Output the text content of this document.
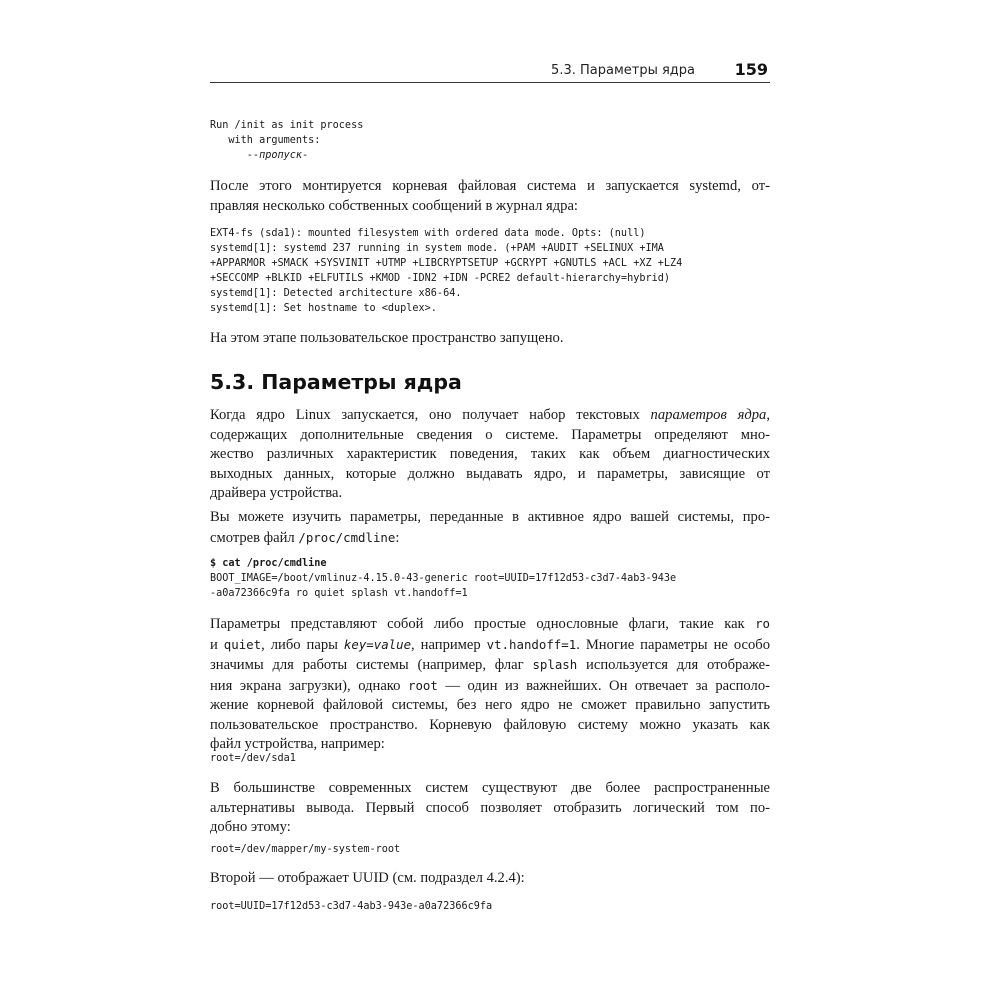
5.3. Параметры ядра 159
Run /init as init process
with arguments:
--пропуск-

После этого монтируется корневая файловая система и запускается systemd, от-
правляя несколько собственных сообщений в журнал ядра:

EXT4-fs (sda1): mounted filesystem with ordered data mode. Opts: (null)
systemd[1]: systemd 237 running in system mode. (+PAM +AUDIT +SELINUX +IMA
+APPARMOR +SMACK +SYSVINIT +UTMP +LIBCRYPTSETUP +GCRYPT +GNUTLS +ACL +XZ +LZ4
+SECCOMP +BLKID +ELFUTILS +KMOD -IDN2 +IDN -PCRE2 default-hierarchy=hybrid)
systemd[1]: Detected architecture x86-64.
systemd[1]: Set hostname to <duplex>.

На этом этапе пользовательское пространство запущено.

5.3. Параметры ядра

Когда ядро Linux запускается, оно получает набор текстовых параметров ядра,
содержащих дополнительные сведения о системе. Параметры определяют мно-
жество различных характеристик поведения, таких как объем диагностических
выходных данных, которые должно выдавать ядро, и параметры, зависящие от
драйвера устройства.

Вы можете изучить параметры, переданные в активное ядро вашей системы, про-
смотрев файл /proc/cmdline:

$ cat /proc/cmdline
BOOT_IMAGE=/boot/vmlinuz-4.15.0-43-generic root=UUID=17f12d53-c3d7-4ab3-943e
-a0a72366c9fa ro quiet splash vt.handoff=1

Параметры представляют собой либо простые однословные флаги, такие как ro
и quiet, либо пары key=value, например vt.handoff=1. Многие параметры не особо
значимы для работы системы (например, флаг splash используется для отображе-
ния экрана загрузки), однако root — один из важнейших. Он отвечает за располо-
жение корневой файловой системы, без него ядро не сможет правильно запустить
пользовательское пространство. Корневую файловую систему можно указать как
файл устройства, например:

root=/dev/sda1

В большинстве современных систем существуют две более распространенные
альтернативы вывода. Первый способ позволяет отобразить логический том по-
добно этому:

root=/dev/mapper/my-system-root

Второй — отображает UUID (см. подраздел 4.2.4):

root=UUID=17f12d53-c3d7-4ab3-943e-a0a72366c9fa
